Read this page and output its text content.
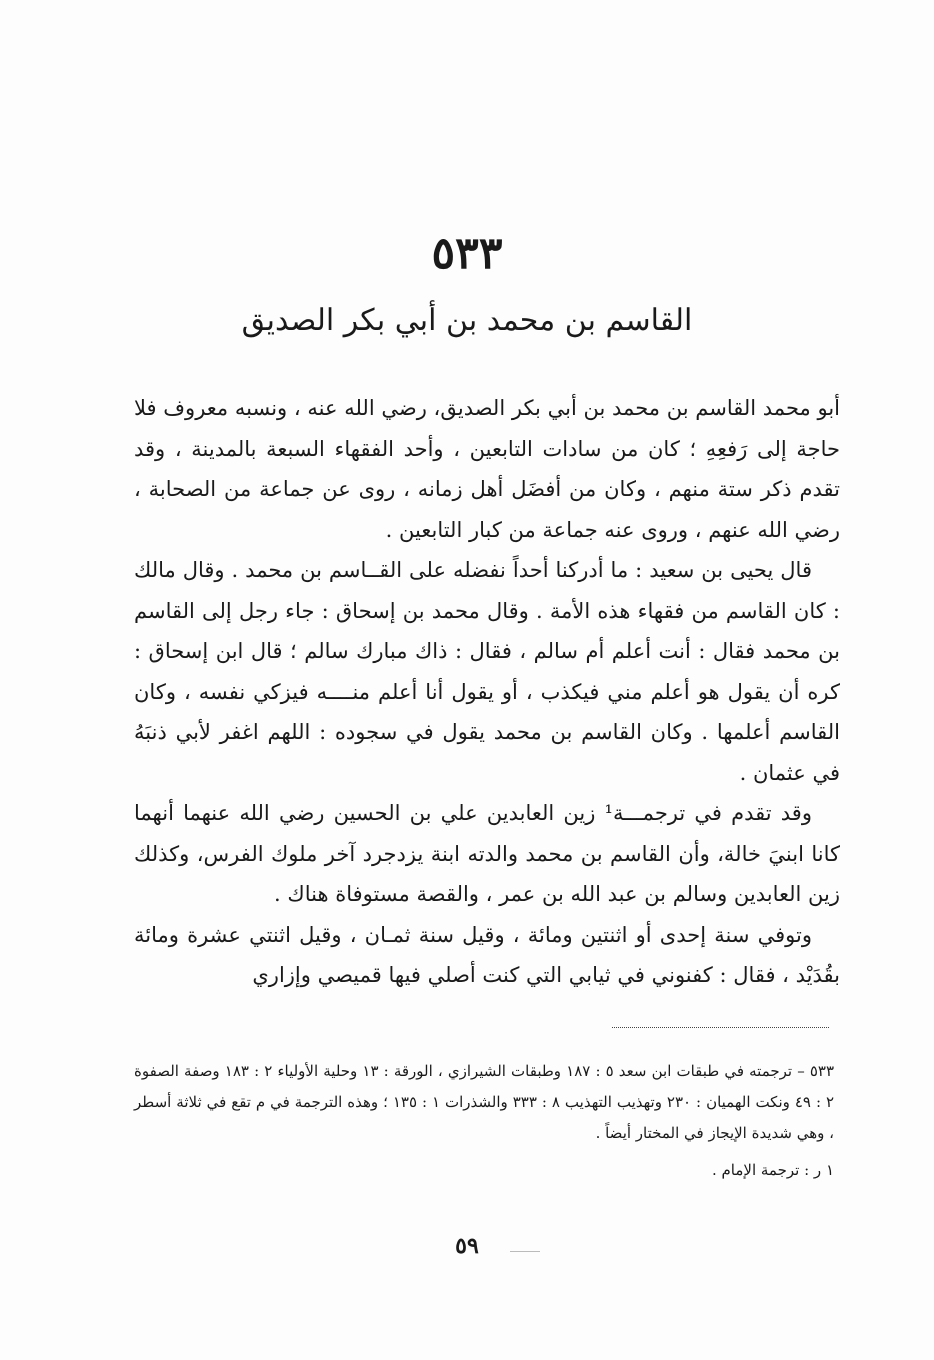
٥٣٣
القاسم بن محمد بن أبي بكر الصديق

أبو محمد القاسم بن محمد بن أبي بكر الصديق، رضي الله عنه ، ونسبه معروف فلا حاجة إلى رَفعِهِ ؛ كان من سادات التابعين ، وأحد الفقهاء السبعة بالمدينة ، وقد تقدم ذكر ستة منهم ، وكان من أفضَل أهل زمانه ، روى عن جماعة من الصحابة ، رضي الله عنهم ، وروى عنه جماعة من كبار التابعين .

قال يحيى بن سعيد : ما أدركنا أحداً نفضله على القــاسم بن محمد . وقال مالك : كان القاسم من فقهاء هذه الأمة . وقال محمد بن إسحاق : جاء رجل إلى القاسم بن محمد فقال : أنت أعلم أم سالم ، فقال : ذاك مبارك سالم ؛ قال ابن إسحاق : كره أن يقول هو أعلم مني فيكذب ، أو يقول أنا أعلم منــــه فيزكي نفسه ، وكان القاسم أعلمها . وكان القاسم بن محمد يقول في سجوده : اللهم اغفر لأبي ذنبَهُ في عثمان .

وقد تقدم في ترجمـــة¹ زين العابدين علي بن الحسين رضي الله عنهما أنهما كانا ابنيَ خالة، وأن القاسم بن محمد والدته ابنة يزدجرد آخر ملوك الفرس، وكذلك زين العابدين وسالم بن عبد الله بن عمر ، والقصة مستوفاة هناك .

وتوفي سنة إحدى أو اثنتين ومائة ، وقيل سنة ثمـان ، وقيل اثنتي عشرة ومائة بقُدَيْد ، فقال : كفنوني في ثيابي التي كنت أصلي فيها قميصي وإزاري

٥٣٣ – ترجمته في طبقات ابن سعد ٥ : ١٨٧ وطبقات الشيرازي ، الورقة : ١٣ وحلية الأولياء ٢ : ١٨٣ وصفة الصفوة ٢ : ٤٩ ونكت الهميان : ٢٣٠ وتهذيب التهذيب ٨ : ٣٣٣ والشذرات ١ : ١٣٥ ؛ وهذه الترجمة في م تقع في ثلاثة أسطر ، وهي شديدة الإيجاز في المختار أيضاً .

١ ر : ترجمة الإمام .

٥٩
